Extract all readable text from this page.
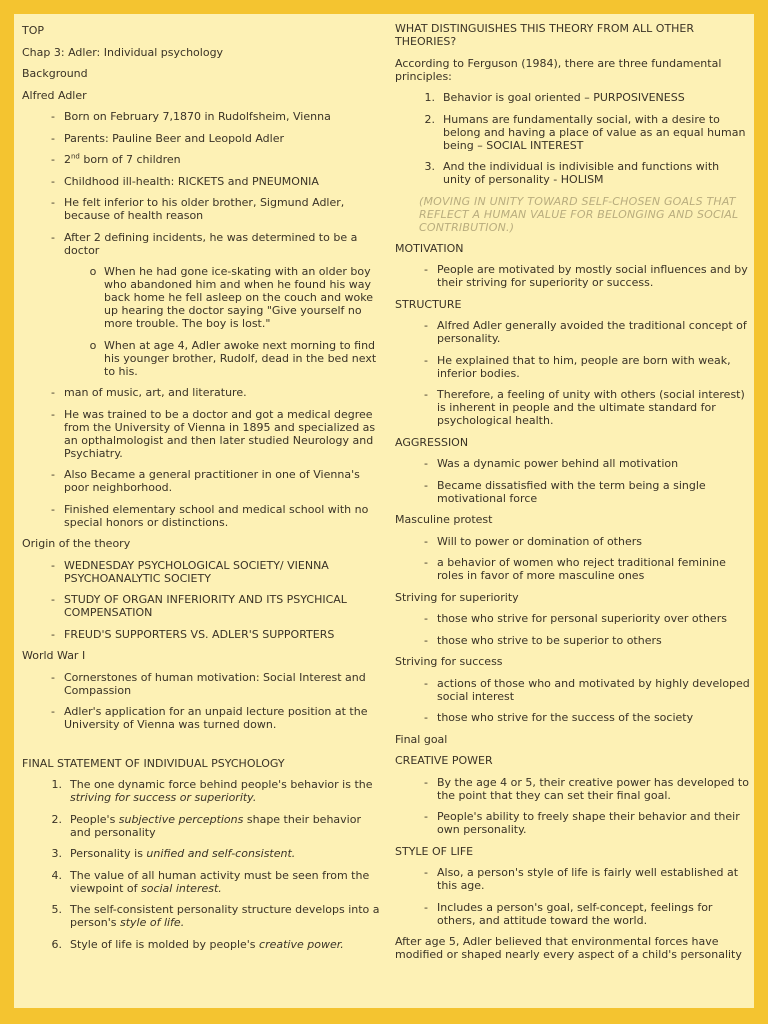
TOP
Chap 3: Adler: Individual psychology
Background
Alfred Adler
- Born on February 7,1870 in Rudolfsheim, Vienna
- Parents: Pauline Beer and Leopold Adler
- 2nd born of 7 children
- Childhood ill-health: RICKETS and PNEUMONIA
- He felt inferior to his older brother, Sigmund Adler, because of health reason
- After 2 defining incidents, he was determined to be a doctor
o When he had gone ice-skating with an older boy who abandoned him and when he found his way back home he fell asleep on the couch and woke up hearing the doctor saying "Give yourself no more trouble. The boy is lost."
o When at age 4, Adler awoke next morning to find his younger brother, Rudolf, dead in the bed next to his.
- man of music, art, and literature.
- He was trained to be a doctor and got a medical degree from the University of Vienna in 1895 and specialized as an opthalmologist and then later studied Neurology and Psychiatry.
- Also Became a general practitioner in one of Vienna's poor neighborhood.
- Finished elementary school and medical school with no special honors or distinctions.
Origin of the theory
- WEDNESDAY PSYCHOLOGICAL SOCIETY/ VIENNA PSYCHOANALYTIC SOCIETY
- STUDY OF ORGAN INFERIORITY AND ITS PSYCHICAL COMPENSATION
- FREUD'S SUPPORTERS VS. ADLER'S SUPPORTERS
World War I
- Cornerstones of human motivation: Social Interest and Compassion
- Adler's application for an unpaid lecture position at the University of Vienna was turned down.
FINAL STATEMENT OF INDIVIDUAL PSYCHOLOGY
1. The one dynamic force behind people's behavior is the striving for success or superiority.
2. People's subjective perceptions shape their behavior and personality
3. Personality is unified and self-consistent.
4. The value of all human activity must be seen from the viewpoint of social interest.
5. The self-consistent personality structure develops into a person's style of life.
6. Style of life is molded by people's creative power.
WHAT DISTINGUISHES THIS THEORY FROM ALL OTHER THEORIES?
According to Ferguson (1984), there are three fundamental principles:
1. Behavior is goal oriented – PURPOSIVENESS
2. Humans are fundamentally social, with a desire to belong and having a place of value as an equal human being – SOCIAL INTEREST
3. And the individual is indivisible and functions with unity of personality - HOLISM
(MOVING IN UNITY TOWARD SELF-CHOSEN GOALS THAT REFLECT A HUMAN VALUE FOR BELONGING AND SOCIAL CONTRIBUTION.)
MOTIVATION
- People are motivated by mostly social influences and by their striving for superiority or success.
STRUCTURE
- Alfred Adler generally avoided the traditional concept of personality.
- He explained that to him, people are born with weak, inferior bodies.
- Therefore, a feeling of unity with others (social interest) is inherent in people and the ultimate standard for psychological health.
AGGRESSION
- Was a dynamic power behind all motivation
- Became dissatisfied with the term being a single motivational force
Masculine protest
- Will to power or domination of others
- a behavior of women who reject traditional feminine roles in favor of more masculine ones
Striving for superiority
- those who strive for personal superiority over others
- those who strive to be superior to others
Striving for success
- actions of those who and motivated by highly developed social interest
- those who strive for the success of the society
Final goal
CREATIVE POWER
- By the age 4 or 5, their creative power has developed to the point that they can set their final goal.
- People's ability to freely shape their behavior and their own personality.
STYLE OF LIFE
- Also, a person's style of life is fairly well established at this age.
- Includes a person's goal, self-concept, feelings for others, and attitude toward the world.
After age 5, Adler believed that environmental forces have modified or shaped nearly every aspect of a child's personality
